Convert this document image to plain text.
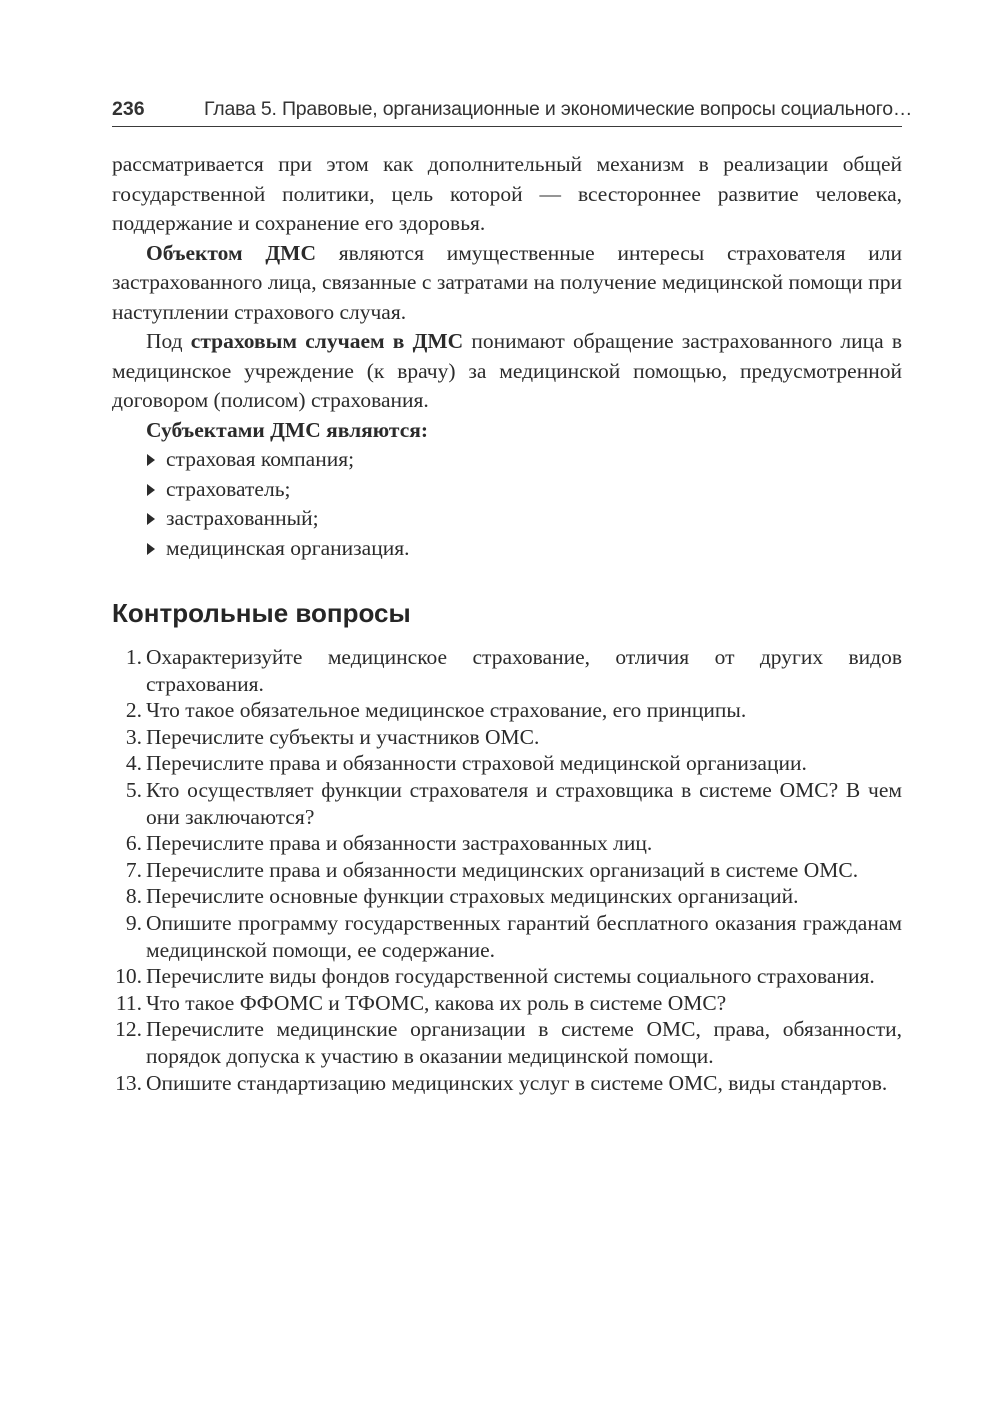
236	Глава 5. Правовые, организационные и экономические вопросы социального…

рассматривается при этом как дополнительный механизм в реализации общей государственной политики, цель которой — всестороннее развитие человека, поддержание и сохранение его здоровья.

Объектом ДМС являются имущественные интересы страхователя или застрахованного лица, связанные с затратами на получение медицинской помощи при наступлении страхового случая.

Под страховым случаем в ДМС понимают обращение застрахованного лица в медицинское учреждение (к врачу) за медицинской помощью, предусмотренной договором (полисом) страхования.

Субъектами ДМС являются:

страховая компания;
страхователь;
застрахованный;
медицинская организация.
Контрольные вопросы
1. Охарактеризуйте медицинское страхование, отличия от других видов страхования.
2. Что такое обязательное медицинское страхование, его принципы.
3. Перечислите субъекты и участников ОМС.
4. Перечислите права и обязанности страховой медицинской организации.
5. Кто осуществляет функции страхователя и страховщика в системе ОМС? В чем они заключаются?
6. Перечислите права и обязанности застрахованных лиц.
7. Перечислите права и обязанности медицинских организаций в системе ОМС.
8. Перечислите основные функции страховых медицинских организаций.
9. Опишите программу государственных гарантий бесплатного оказания гражданам медицинской помощи, ее содержание.
10. Перечислите виды фондов государственной системы социального страхования.
11. Что такое ФФОМС и ТФОМС, какова их роль в системе ОМС?
12. Перечислите медицинские организации в системе ОМС, права, обязанности, порядок допуска к участию в оказании медицинской помощи.
13. Опишите стандартизацию медицинских услуг в системе ОМС, виды стандартов.
